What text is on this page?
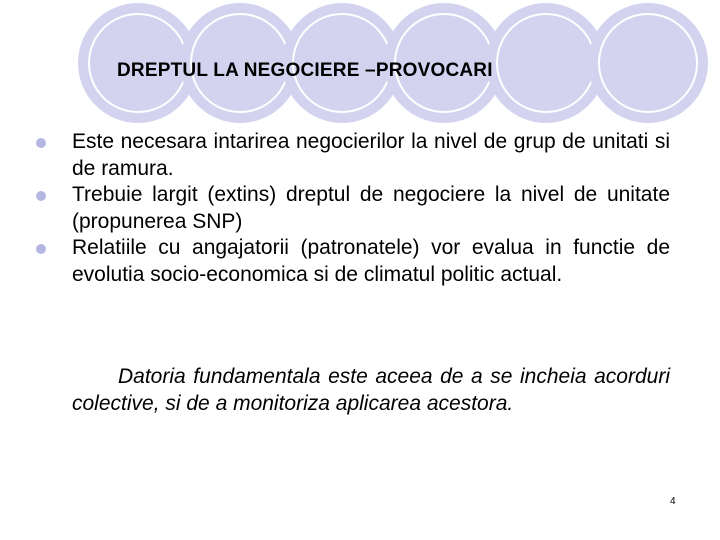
DREPTUL LA NEGOCIERE –PROVOCARI
Este necesara intarirea negocierilor la nivel de grup de unitati si de ramura.
Trebuie largit (extins) dreptul de negociere la nivel de unitate (propunerea SNP)
Relatiile cu angajatorii (patronatele) vor evalua in functie de evolutia socio-economica si de climatul politic actual.
Datoria fundamentala este aceea de a se incheia acorduri colective, si de a monitoriza aplicarea acestora.
4
